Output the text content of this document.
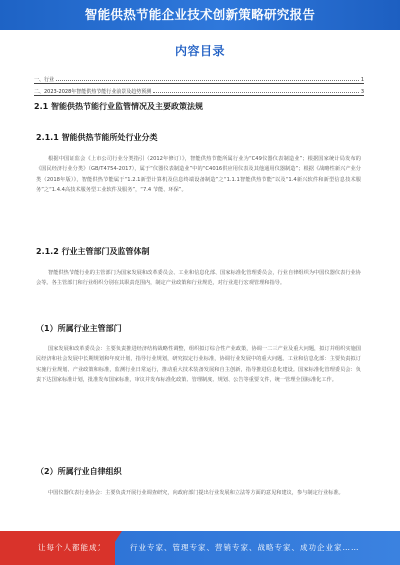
智能供热节能企业技术创新策略研究报告
内容目录
一、行业	1
二、2023-2028年智能供热节能行业前景及趋势预测	3
2.1 智能供热节能行业监管情况及主要政策法规
2.1.1 智能供热节能所处行业分类
根据中国证监会《上市公司行业分类指引（2012年修订）》，智能供热节能所属行业为“C49仪器仪表制造业”；根据国家统计局发布的《国民经济行业分类》（GB/T4754-2017），属于“仪器仪表制造业”中的“C4016供应用仪表及其他通用仪器制造”；根据《战略性新兴产业分类（2018年版）》，智能供热节能属于“1.2.1新型计算机及信息终端设备制造”之“1.1.1智能供热节能”以及“1.4新兴软件和新型信息技术服务”之“1.4.4高技术服务型工业软件及服务”，“7.4 节能、环保”。
2.1.2 行业主管部门及监管体制
智能供热节能行业的主管部门为国家发展和改革委员会、工业和信息化部、国家标准化管理委员会，行业自律组织为中国仪器仪表行业协会等。各主管部门和行业组织分别在其职责范围内，制定产业政策和行业规范，对行业进行宏观管理和指导。
（1）所属行业主管部门
国家发展和改革委员会：主要负责推进经济结构战略性调整，组织拟订综合性产业政策，协调一二三产业及重大问题，拟订并组织实施国民经济和社会发展中长期规划和年度计划，指导行业规划，研究拟定行业标准，协调行业发展中的重大问题。工业和信息化部：主要负责拟订实施行业规划、产业政策和标准，监测行业日常运行，推动重大技术装备发展和自主创新，指导推进信息化建设。国家标准化管理委员会：负责下达国家标准计划，批准发布国家标准，审议并发布标准化政策、管理制度、规划、公告等重要文件，统一管理全国标准化工作。
（2）所属行业自律组织
中国仪器仪表行业协会：主要负责开展行业调查研究，向政府部门提出行业发展和立法等方面的意见和建议，参与制定行业标准。
让每个人都能成为	行业专家、管理专家、营销专家、战略专家、成功企业家……
